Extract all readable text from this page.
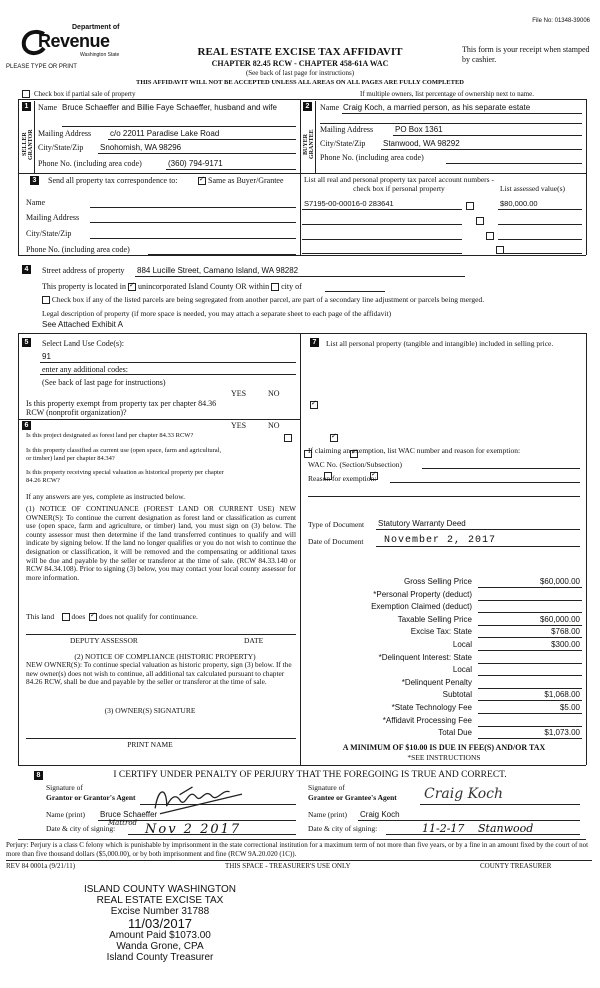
File No: 01348-39006
Department of
Revenue
Washington State
PLEASE TYPE OR PRINT
REAL ESTATE EXCISE TAX AFFIDAVIT
CHAPTER 82.45 RCW - CHAPTER 458-61A WAC
(See back of last page for instructions)
This form is your receipt when stamped by cashier.
THIS AFFIDAVIT WILL NOT BE ACCEPTED UNLESS ALL AREAS ON ALL PAGES ARE FULLY COMPLETED
Check box if partial sale of property	If multiple owners, list percentage of ownership next to name.
1
SELLER GRANTOR
Name Bruce Schaeffer and Billie Faye Schaeffer, husband and wife
Mailing Address c/o 22011 Paradise Lake Road
City/State/Zip Snohomish, WA 98296
Phone No. (including area code)	(360) 794-9171
2
BUYER GRANTEE
Name Craig Koch, a married person, as his separate estate
Mailing Address	PO Box 1361
City/State/Zip Stanwood, WA 98292
Phone No. (including area code)
3	Send all property tax correspondence to: ✓	Same as Buyer/Grantee	List all real and personal property tax parcel account numbers - check box if personal property	List assessed value(s)
Name
Mailing Address
City/State/Zip
Phone No. (including area code)
S7195-00-00016-0 283641	$80,000.00

4	Street address of property 884 Lucille Street, Camano Island, WA 98282
This property is located in ✓ unincorporated Island County OR within city of
Check box if any of the listed parcels are being segregated from another parcel, are part of a secondary line adjustment or parcels being merged.
Legal description of property (if more space is needed, you may attach a separate sheet to each page of the affidavit)
See Attached Exhibit A
5	Select Land Use Code(s):
91
enter any additional codes:
(See back of last page for instructions)
YES	NO
Is this property exempt from property tax per chapter 84.36 RCW (nonprofit organization)?
✓
6	YES	NO
Is this project designated as forest land per chapter 84.33 RCW?
✓
Is this property classified as current use (open space, farm and agricultural, or timber) land per chapter 84.34?
✓
Is this property receiving special valuation as historical property per chapter 84.26 RCW?
✓
If any answers are yes, complete as instructed below.
(1) NOTICE OF CONTINUANCE (FOREST LAND OR CURRENT USE) NEW OWNER(S): To continue the current designation as forest land or classification as current use (open space, farm and agriculture, or timber) land, you must sign on (3) below. The county assessor must then determine if the land transferred continues to qualify and will indicate by signing below. If the land no longer qualifies or you do not wish to continue the designation or classification, it will be removed and the compensating or additional taxes will be due and payable by the seller or transferor at the time of sale. (RCW 84.33.140 or RCW 84.34.108). Prior to signing (3) below, you may contact your local county assessor for more information.
This land does ✓ does not qualify for continuance.
DEPUTY ASSESSOR	DATE
(2) NOTICE OF COMPLIANCE (HISTORIC PROPERTY)
NEW OWNER(S): To continue special valuation as historic property, sign (3) below. If the new owner(s) does not wish to continue, all additional tax calculated pursuant to chapter 84.26 RCW, shall be due and payable by the seller or transferor at the time of sale.
(3) OWNER(S) SIGNATURE
PRINT NAME
7	List all personal property (tangible and intangible) included in selling price.
If claiming an exemption, list WAC number and reason for exemption:
WAC No. (Section/Subsection)
Reason for exemption:
Type of Document Statutory Warranty Deed
Date of Document November 2, 2017
Gross Selling Price	$60,000.00
*Personal Property (deduct)
Exemption Claimed (deduct)
Taxable Selling Price	$60,000.00
Excise Tax: State	$768.00
Local	$300.00
*Delinquent Interest: State
Local
*Delinquent Penalty
Subtotal	$1,068.00
*State Technology Fee	$5.00
*Affidavit Processing Fee
Total Due	$1,073.00
A MINIMUM OF $10.00 IS DUE IN FEE(S) AND/OR TAX
*SEE INSTRUCTIONS
8	I CERTIFY UNDER PENALTY OF PERJURY THAT THE FOREGOING IS TRUE AND CORRECT.
Signature of
Grantor or Grantor's Agent
Signature of
Grantee or Grantee's Agent Craig Koch
Name (print) Bruce Schaeffer	Name (print) Craig Koch
Date & city of signing:
Mattrod Nov 2 2017	Date & city of signing:	11-2-17 Stanwood
Perjury: Perjury is a class C felony which is punishable by imprisonment in the state correctional institution for a maximum term of not more than five years, or by a fine in an amount fixed by the court of not more than five thousand dollars ($5,000.00), or by both imprisonment and fine (RCW 9A.20.020 (1C)).
REV 84 0001a (9/21/11)	THIS SPACE - TREASURER'S USE ONLY	COUNTY TREASURER
ISLAND COUNTY WASHINGTON
REAL ESTATE EXCISE TAX
Excise Number 31788
11/03/2017
Amount Paid $1073.00
Wanda Grone, CPA
Island County Treasurer
